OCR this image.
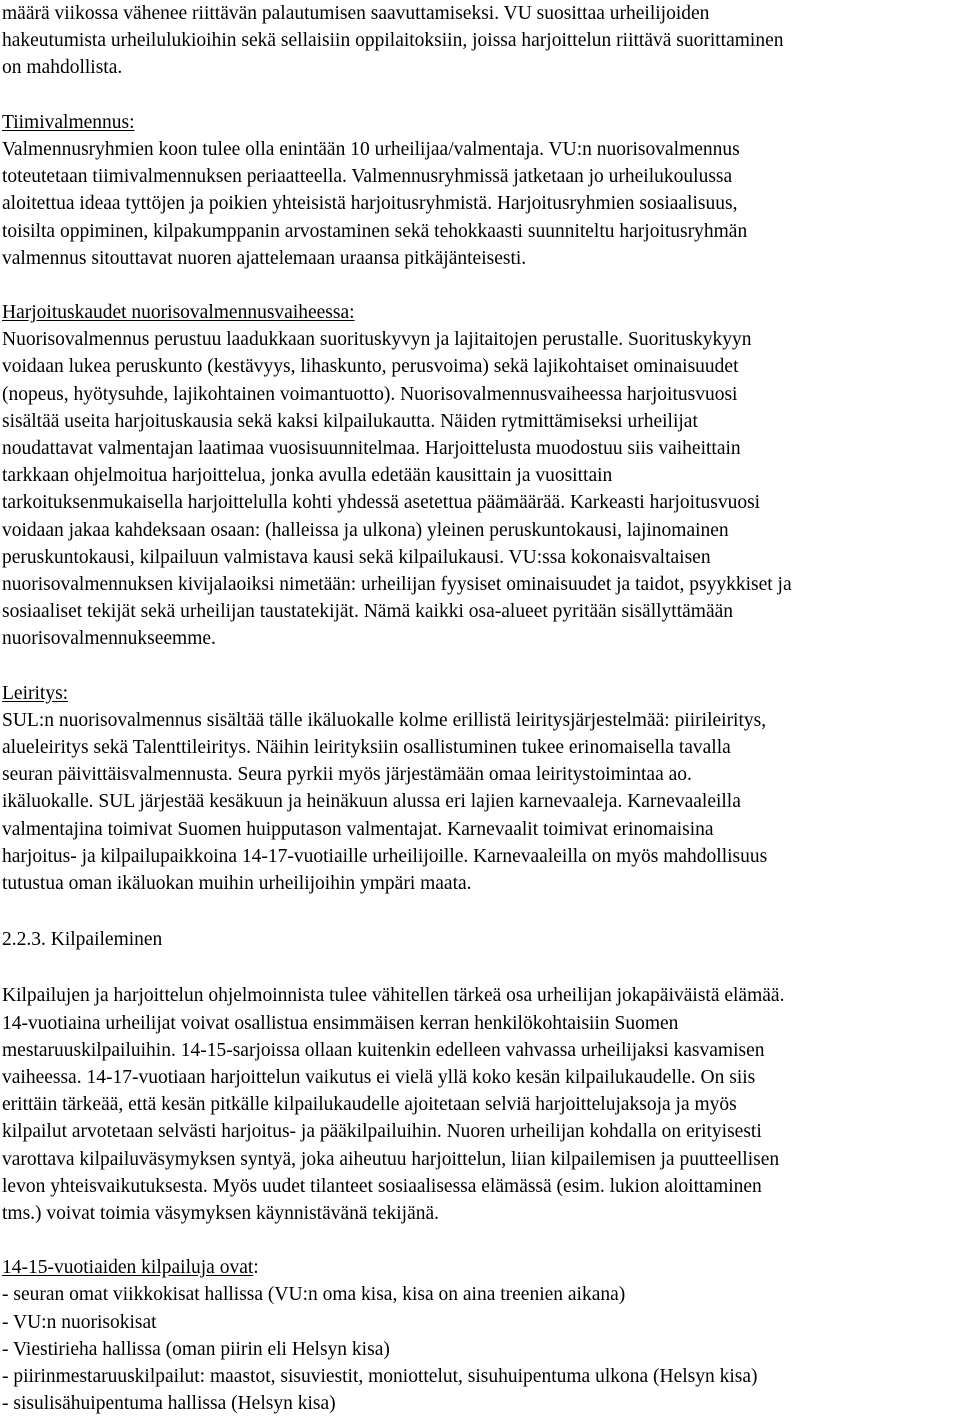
määrä viikossa vähenee riittävän palautumisen saavuttamiseksi. VU suosittaa urheilijoiden
hakeutumista urheilulukioihin sekä sellaisiin oppilaitoksiin, joissa harjoittelun riittävä suorittaminen
on mahdollista.
Tiimivalmennus:
Valmennusryhmien koon tulee olla enintään 10 urheilijaa/valmentaja. VU:n nuorisovalmennus
toteutetaan tiimivalmennuksen periaatteella. Valmennusryhmissä jatketaan jo urheilukoulussa
aloitettua ideaa tyttöjen ja poikien yhteisistä harjoitusryhmistä. Harjoitusryhmien sosiaalisuus,
toisilta oppiminen, kilpakumppanin arvostaminen sekä tehokkaasti suunniteltu harjoitusryhmän
valmennus sitouttavat nuoren ajattelemaan uraansa pitkäjänteisesti.
Harjoituskaudet nuorisovalmennusvaiheessa:
Nuorisovalmennus perustuu laadukkaan suorituskyvyn ja lajitaitojen perustalle. Suorituskykyyn
voidaan lukea peruskunto (kestävyys, lihaskunto, perusvoima) sekä lajikohtaiset ominaisuudet
(nopeus, hyötysuhde, lajikohtainen voimantuotto). Nuorisovalmennusvaiheessa harjoitusvuosi
sisältää useita harjoituskausia sekä kaksi kilpailukautta. Näiden rytmittämiseksi urheilijat
noudattavat valmentajan laatimaa vuosisuunnitelmaa. Harjoittelusta muodostuu siis vaiheittain
tarkkaan ohjelmoitua harjoittelua, jonka avulla edetään kausittain ja vuosittain
tarkoituksenmukaisella harjoittelulla kohti yhdessä asetettua päämäärää. Karkeasti harjoitusvuosi
voidaan jakaa kahdeksaan osaan: (halleissa ja ulkona) yleinen peruskuntokausi, lajinomainen
peruskuntokausi, kilpailuun valmistava kausi sekä kilpailukausi. VU:ssa kokonaisvaltaisen
nuorisovalmennuksen kivijalaoiksi nimetään: urheilijan fyysiset ominaisuudet ja taidot, psyykkiset ja
sosiaaliset tekijät sekä urheilijan taustatekijät. Nämä kaikki osa-alueet pyritään sisällyttämään
nuorisovalmennukseemme.
Leiritys:
SUL:n nuorisovalmennus sisältää tälle ikäluokalle kolme erillistä leiritysjärjestelmää: piirileiritys,
alueleiritys sekä Talenttileiritys. Näihin leirityksiin osallistuminen tukee erinomaisella tavalla
seuran päivittäisvalmennusta. Seura pyrkii myös järjestämään omaa leiritystoimintaa ao.
ikäluokalle. SUL järjestää kesäkuun ja heinäkuun alussa eri lajien karnevaaleja. Karnevaaleilla
valmentajina toimivat Suomen huipputason valmentajat. Karnevaalit toimivat erinomaisina
harjoitus- ja kilpailupaikkoina 14-17-vuotiaille urheilijoille. Karnevaaleilla on myös mahdollisuus
tutustua oman ikäluokan muihin urheilijoihin ympäri maata.
2.2.3. Kilpaileminen
Kilpailujen ja harjoittelun ohjelmoinnista tulee vähitellen tärkeä osa urheilijan jokapäiväistä elämää.
14-vuotiaina urheilijat voivat osallistua ensimmäisen kerran henkilökohtaisiin Suomen
mestaruuskilpailuihin. 14-15-sarjoissa ollaan kuitenkin edelleen vahvassa urheilijaksi kasvamisen
vaiheessa. 14-17-vuotiaan harjoittelun vaikutus ei vielä yllä koko kesän kilpailukaudelle. On siis
erittäin tärkeää, että kesän pitkälle kilpailukaudelle ajoitetaan selviä harjoittelujaksoja ja myös
kilpailut arvotetaan selvästi harjoitus- ja pääkilpailuihin. Nuoren urheilijan kohdalla on erityisesti
varottava kilpailuväsymyksen syntyä, joka aiheutuu harjoittelun, liian kilpailemisen ja puutteellisen
levon yhteisvaikutuksesta. Myös uudet tilanteet sosiaalisessa elämässä (esim. lukion aloittaminen
tms.) voivat toimia väsymyksen käynnistävänä tekijänä.
14-15-vuotiaiden kilpailuja ovat:
- seuran omat viikkokisat hallissa (VU:n oma kisa, kisa on aina treenien aikana)
- VU:n nuorisokisat
- Viestirieha hallissa (oman piirin eli Helsyn kisa)
- piirinmestaruuskilpailut: maastot, sisuviestit, moniottelut, sisuhuipentuma ulkona (Helsyn kisa)
- sisulisähuipentuma hallissa (Helsyn kisa)
